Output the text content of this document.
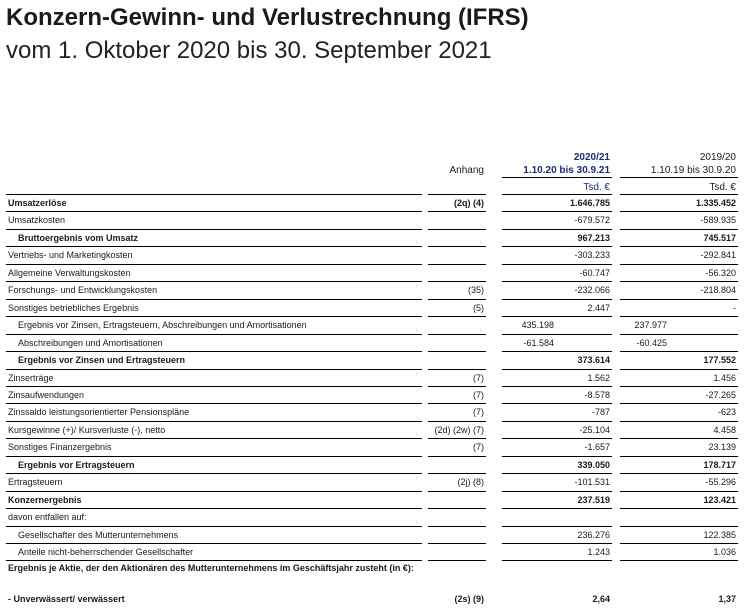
Konzern-Gewinn- und Verlustrechnung (IFRS)
vom 1. Oktober 2020 bis 30. September 2021
Anhang
2020/21
1.10.20 bis 30.9.21
2019/20
1.10.19 bis 30.9.20
Tsd. €	Tsd. €
Umsatzerlöse	(2q) (4)	1.646.785	1.335.452
Umsatzkosten	-679.572	-589.935
Bruttoergebnis vom Umsatz	967.213	745.517
Vertriebs- und Marketingkosten	-303.233	-292.841
Allgemeine Verwaltungskosten	-60.747	-56.320
Forschungs- und Entwicklungskosten	(35)	-232.066	-218.804
Sonstiges betriebliches Ergebnis	(5)	2.447	-
Ergebnis vor Zinsen, Ertragsteuern, Abschreibungen und Amortisationen	435.198	237.977
Abschreibungen und Amortisationen	-61.584	-60.425
Ergebnis vor Zinsen und Ertragsteuern	373.614	177.552
Zinserträge	(7)	1.562	1.456
Zinsaufwendungen	(7)	-8.578	-27.265
Zinssaldo leistungsorientierter Pensionspläne	(7)	-787	-623
Kursgewinne (+)/ Kursverluste (-), netto	(2d) (2w) (7)	-25.104	4.458
Sonstiges Finanzergebnis	(7)	-1.657	23.139
Ergebnis vor Ertragsteuern	339.050	178.717
Ertragsteuern	(2j) (8)	-101.531	-55.296
Konzernergebnis	237.519	123.421
davon entfallen auf:
Gesellschafter des Mutterunternehmens	236.276	122.385
Anteile nicht-beherrschender Gesellschafter	1.243	1.036
Ergebnis je Aktie, der den Aktionären des Mutterunternehmens im Geschäftsjahr zusteht (in €):
- Unverwässert/ verwässert	(2s) (9)	2,64	1,37
